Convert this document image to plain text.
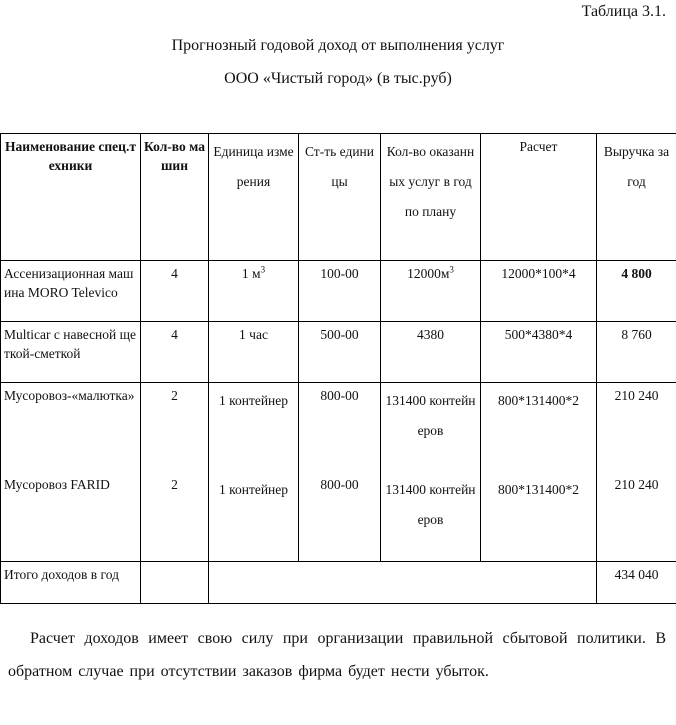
Таблица 3.1.
Прогнозный годовой доход от выполнения услуг
ООО «Чистый город» (в тыс.руб)
Наименование спец.техники	Кол-во машин	Единица измерения	Ст-ть единицы	Кол-во оказанных услуг в год по плану	Расчет	Выручка за год
Ассенизационная машина MORO Televico	4	1 $м^3$	100-00	$12000м^3$	12000*100*4	4 800
Multicar с навесной щеткой-сметкой	4	1 час	500-00	4380	500*4380*4	8 760
Мусоровоз-«малютка»	2	1 контейнер	800-00	131400 контейнеров	800*131400*2	210 240
Мусоровоз FARID	2	1 контейнер	800-00	131400 контейнеров	800*131400*2	210 240
Итого доходов в год						434 040
Расчет доходов имеет свою силу при организации правильной сбытовой политики. В обратном случае при отсутствии заказов фирма будет нести убыток.
